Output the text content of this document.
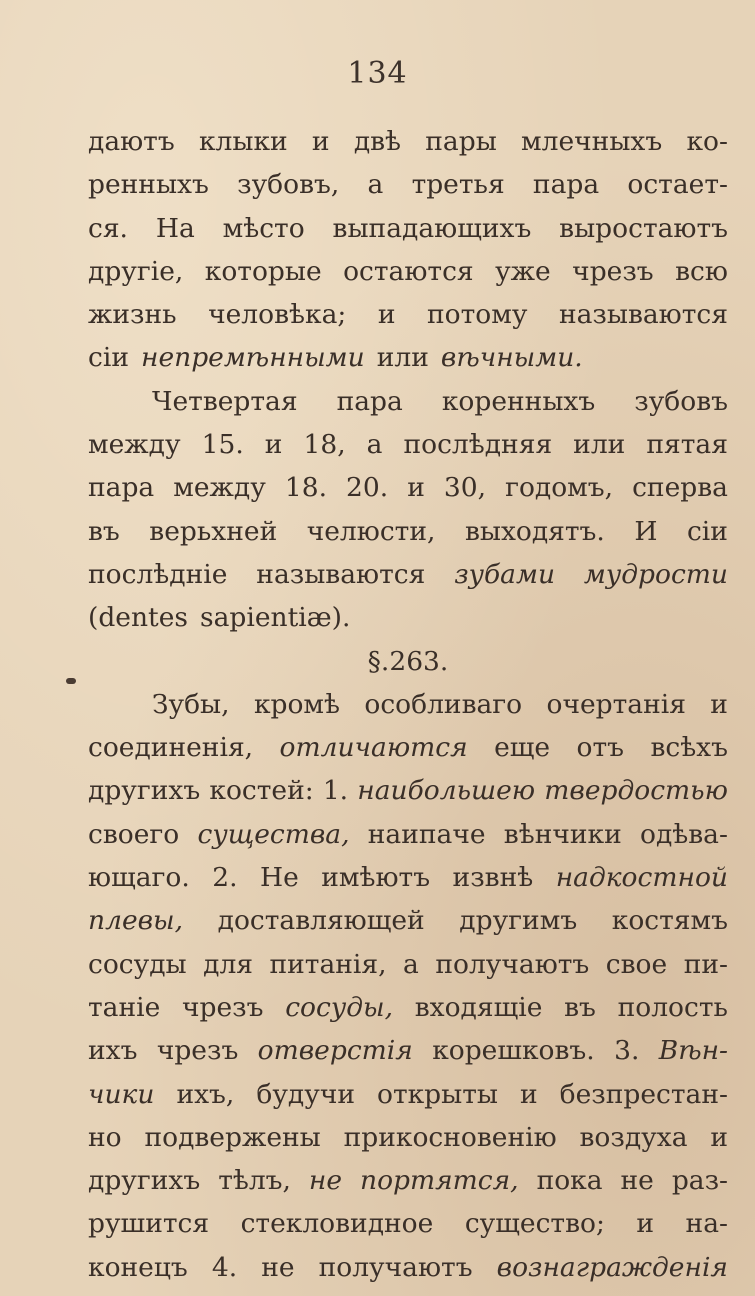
134
даютъ клыки и двѣ пары млечныхъ ко-
ренныхъ зубовъ, а третья пара остает-
ся. На мѣсто выпадающихъ выростаютъ
другіе, которые остаются уже чрезъ всю
жизнь человѣка; и потому называются
сіи непремѣнными или вѣчными.
Четвертая пара коренныхъ зубовъ
между 15. и 18, а послѣдняя или пятая
пара между 18. 20. и 30, годомъ, сперва
въ верьхней челюсти, выходятъ. И сіи
послѣдніе называются зубами мудрости
(dentes sapientiæ).
§. 263.
Зубы, кромѣ особливаго очертанія и
соединенія, отличаются еще отъ всѣхъ
другихъ костей: 1. наибольшею твердостью
своего существа, наипаче вѣнчики одѣва-
ющаго. 2. Не имѣютъ извнѣ надкостной
плевы, доставляющей другимъ костямъ
сосуды для питанія, а получаютъ свое пи-
таніе чрезъ сосуды, входящіе въ полость
ихъ чрезъ отверстія корешковъ. 3. Вѣн-
чики ихъ, будучи открыты и безпрестан-
но подвержены прикосновенію воздуха и
другихъ тѣлъ, не портятся, пока не раз-
рушится стекловидное существо; и на-
конецъ 4. не получаютъ вознагражденія
